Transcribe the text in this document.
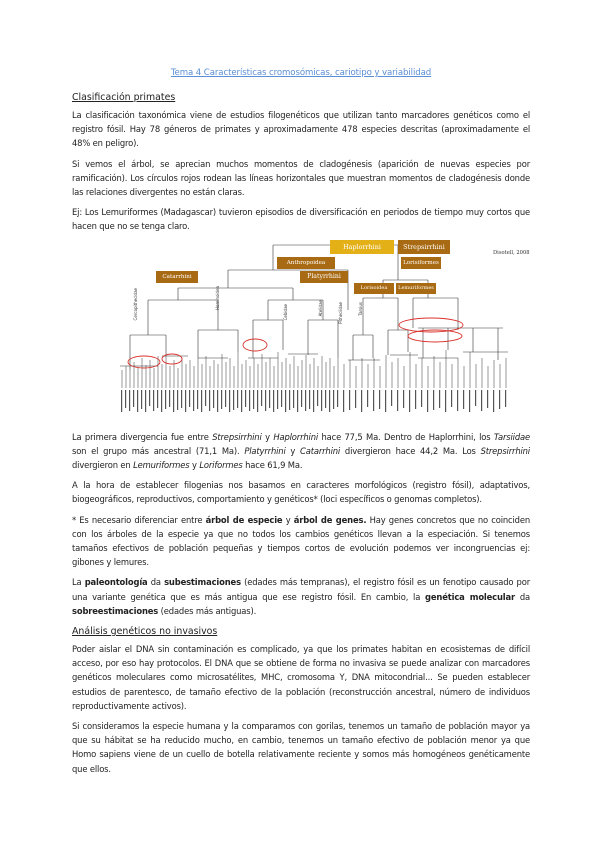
Tema 4 Características cromosómicas, cariotipo y variabilidad
Clasificación primates

La clasificación taxonómica viene de estudios filogenéticos que utilizan tanto marcadores genéticos como el registro fósil. Hay 78 géneros de primates y aproximadamente 478 especies descritas (aproximadamente el 48% en peligro).

Si vemos el árbol, se aprecian muchos momentos de cladogénesis (aparición de nuevas especies por ramificación). Los círculos rojos rodean las líneas horizontales que muestran momentos de cladogénesis donde las relaciones divergentes no están claras.

Ej: Los Lemuriformes (Madagascar) tuvieron episodios de diversificación en periodos de tiempo muy cortos que hacen que no se tenga claro.

Disotell, 2008
Haplorrhini	Strepsirrhini
Anthropoidea	Lorisiformes
Catarrhini	Platyrrhini
Lorisoidea	Lemuriformes
Cercopithecidae	Hominoidea
Cebidae	Atelidae	Pitheciidae	Tarsius

La primera divergencia fue entre Strepsirrhini y Haplorrhini hace 77,5 Ma. Dentro de Haplorrhini, los Tarsiidae son el grupo más ancestral (71,1 Ma). Platyrrhini y Catarrhini divergieron hace 44,2 Ma. Los Strepsirrhini divergieron en Lemuriformes y Loriformes hace 61,9 Ma.

A la hora de establecer filogenias nos basamos en caracteres morfológicos (registro fósil), adaptativos, biogeográficos, reproductivos, comportamiento y genéticos* (loci específicos o genomas completos).

* Es necesario diferenciar entre árbol de especie y árbol de genes. Hay genes concretos que no coinciden con los árboles de la especie ya que no todos los cambios genéticos llevan a la especiación. Si tenemos tamaños efectivos de población pequeñas y tiempos cortos de evolución podemos ver incongruencias ej: gibones y lemures.

La paleontología da subestimaciones (edades más tempranas), el registro fósil es un fenotipo causado por una variante genética que es más antigua que ese registro fósil. En cambio, la genética molecular da sobreestimaciones (edades más antiguas).

Análisis genéticos no invasivos

Poder aislar el DNA sin contaminación es complicado, ya que los primates habitan en ecosistemas de difícil acceso, por eso hay protocolos. El DNA que se obtiene de forma no invasiva se puede analizar con marcadores genéticos moleculares como microsatélites, MHC, cromosoma Y, DNA mitocondrial... Se pueden establecer estudios de parentesco, de tamaño efectivo de la población (reconstrucción ancestral, número de individuos reproductivamente activos).

Si consideramos la especie humana y la comparamos con gorilas, tenemos un tamaño de población mayor ya que su hábitat se ha reducido mucho, en cambio, tenemos un tamaño efectivo de población menor ya que Homo sapiens viene de un cuello de botella relativamente reciente y somos más homogéneos genéticamente que ellos.
